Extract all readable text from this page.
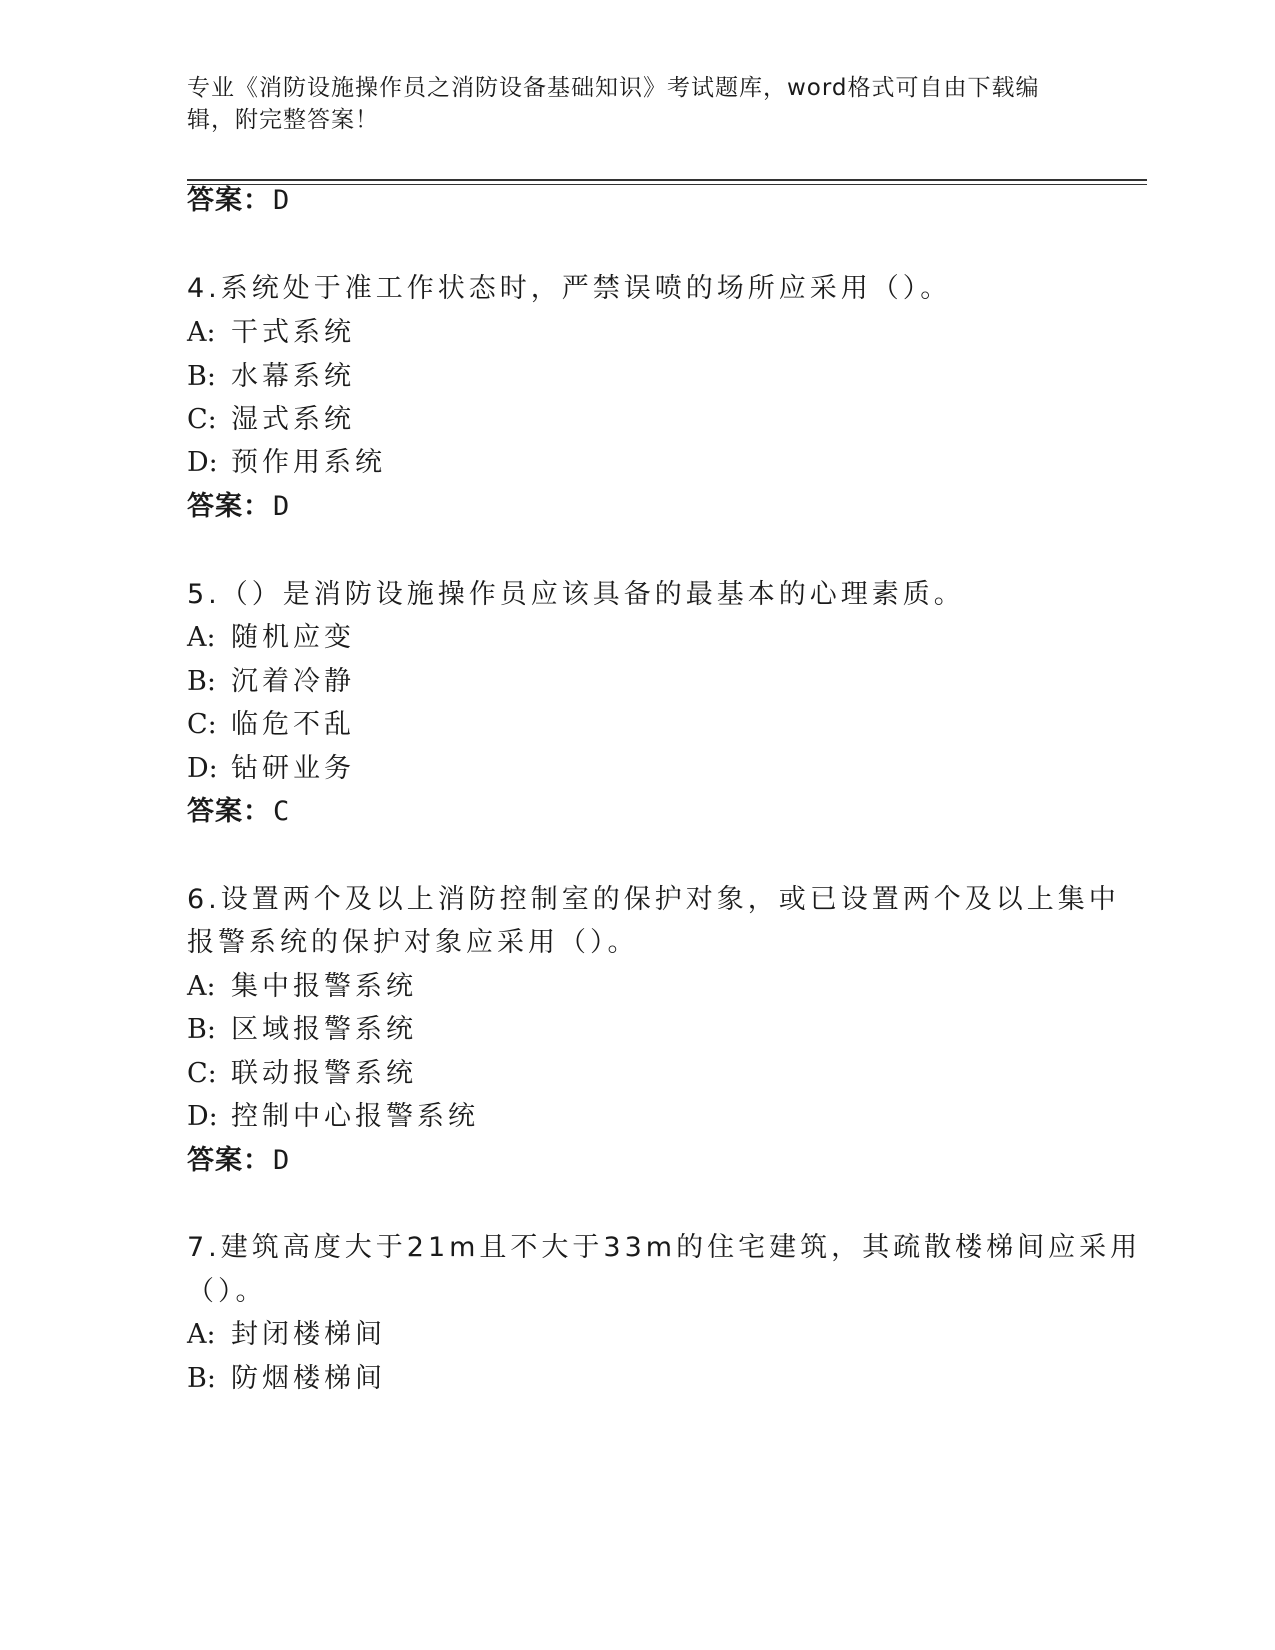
专业《消防设施操作员之消防设备基础知识》考试题库，word格式可自由下载编辑，附完整答案！
答案：D
4.系统处于准工作状态时，严禁误喷的场所应采用（）。
A: 干式系统
B: 水幕系统
C: 湿式系统
D: 预作用系统
答案：D
5.（）是消防设施操作员应该具备的最基本的心理素质。
A: 随机应变
B: 沉着冷静
C: 临危不乱
D: 钻研业务
答案：C
6.设置两个及以上消防控制室的保护对象，或已设置两个及以上集中
报警系统的保护对象应采用（）。
A: 集中报警系统
B: 区域报警系统
C: 联动报警系统
D: 控制中心报警系统
答案：D
7.建筑高度大于21m且不大于33m的住宅建筑，其疏散楼梯间应采用
（）。
A: 封闭楼梯间
B: 防烟楼梯间
